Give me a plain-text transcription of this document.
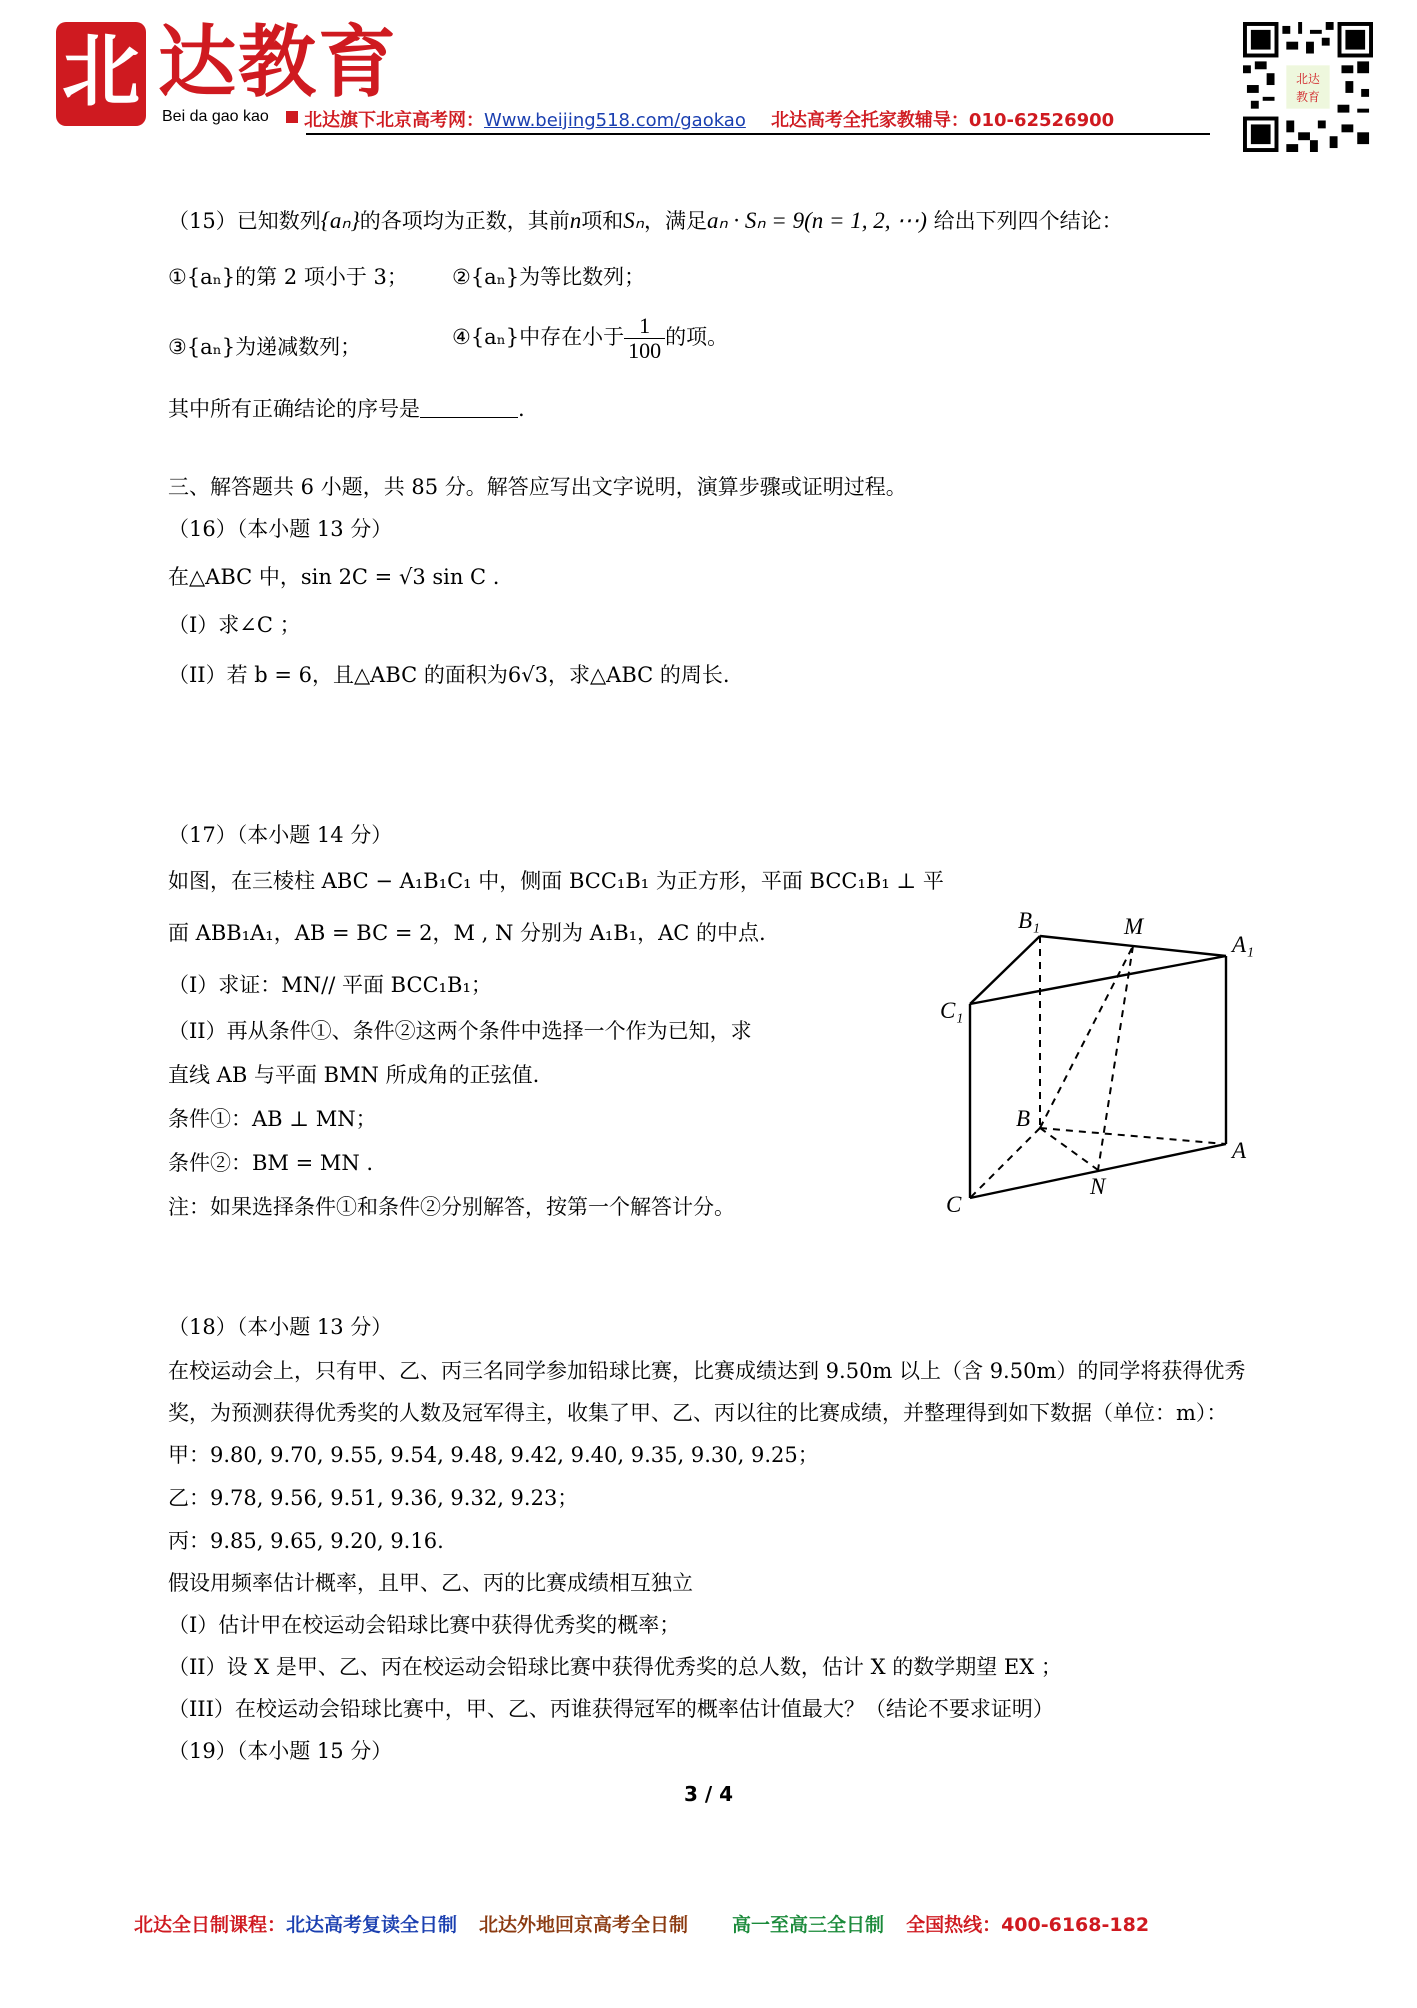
北 达教育
Bei da gao kao 北达旗下北京高考网：Www.beijing518.com/gaokao 北达高考全托家教辅导：010-62526900
北达
教育
（15）已知数列{aₙ}的各项均为正数，其前n项和Sₙ，满足aₙ · Sₙ = 9(n = 1, 2, ⋯) 给出下列四个结论：
①{aₙ}的第 2 项小于 3； ②{aₙ}为等比数列；
③{aₙ}为递减数列；	④{aₙ}中存在小于 $\frac{1}{100}$ 的项。
其中所有正确结论的序号是	.
三、解答题共 6 小题，共 85 分。解答应写出文字说明，演算步骤或证明过程。
（16）（本小题 13 分）
在△ABC 中，sin 2C = √3 sin C .
（I）求∠C ；
（II）若 b = 6，且△ABC 的面积为6√3，求△ABC 的周长.
（17）（本小题 14 分）
如图，在三棱柱 ABC − A₁B₁C₁ 中，侧面 BCC₁B₁ 为正方形，平面 BCC₁B₁ ⊥ 平
面 ABB₁A₁，AB = BC = 2，M , N 分别为 A₁B₁，AC 的中点.
（I）求证：MN// 平面 BCC₁B₁；
（II）再从条件①、条件②这两个条件中选择一个作为已知，求
直线 AB 与平面 BMN 所成角的正弦值.
条件①：AB ⊥ MN；
条件②：BM = MN .
注：如果选择条件①和条件②分别解答，按第一个解答计分。
B₁	M
A₁
C₁
B
A
N
C
（18）（本小题 13 分）
在校运动会上，只有甲、乙、丙三名同学参加铅球比赛，比赛成绩达到 9.50m 以上（含 9.50m）的同学将获得优秀
奖，为预测获得优秀奖的人数及冠军得主，收集了甲、乙、丙以往的比赛成绩，并整理得到如下数据（单位：m）：
甲：9.80, 9.70, 9.55, 9.54, 9.48, 9.42, 9.40, 9.35, 9.30, 9.25；
乙：9.78, 9.56, 9.51, 9.36, 9.32, 9.23；
丙：9.85, 9.65, 9.20, 9.16.
假设用频率估计概率，且甲、乙、丙的比赛成绩相互独立
（I）估计甲在校运动会铅球比赛中获得优秀奖的概率；
（II）设 X 是甲、乙、丙在校运动会铅球比赛中获得优秀奖的总人数，估计 X 的数学期望 EX ；
（III）在校运动会铅球比赛中，甲、乙、丙谁获得冠军的概率估计值最大？（结论不要求证明）
（19）（本小题 15 分）
3 / 4
北达全日制课程：北达高考复读全日制 北达外地回京高考全日制 高一至高三全日制 全国热线：400-6168-182
